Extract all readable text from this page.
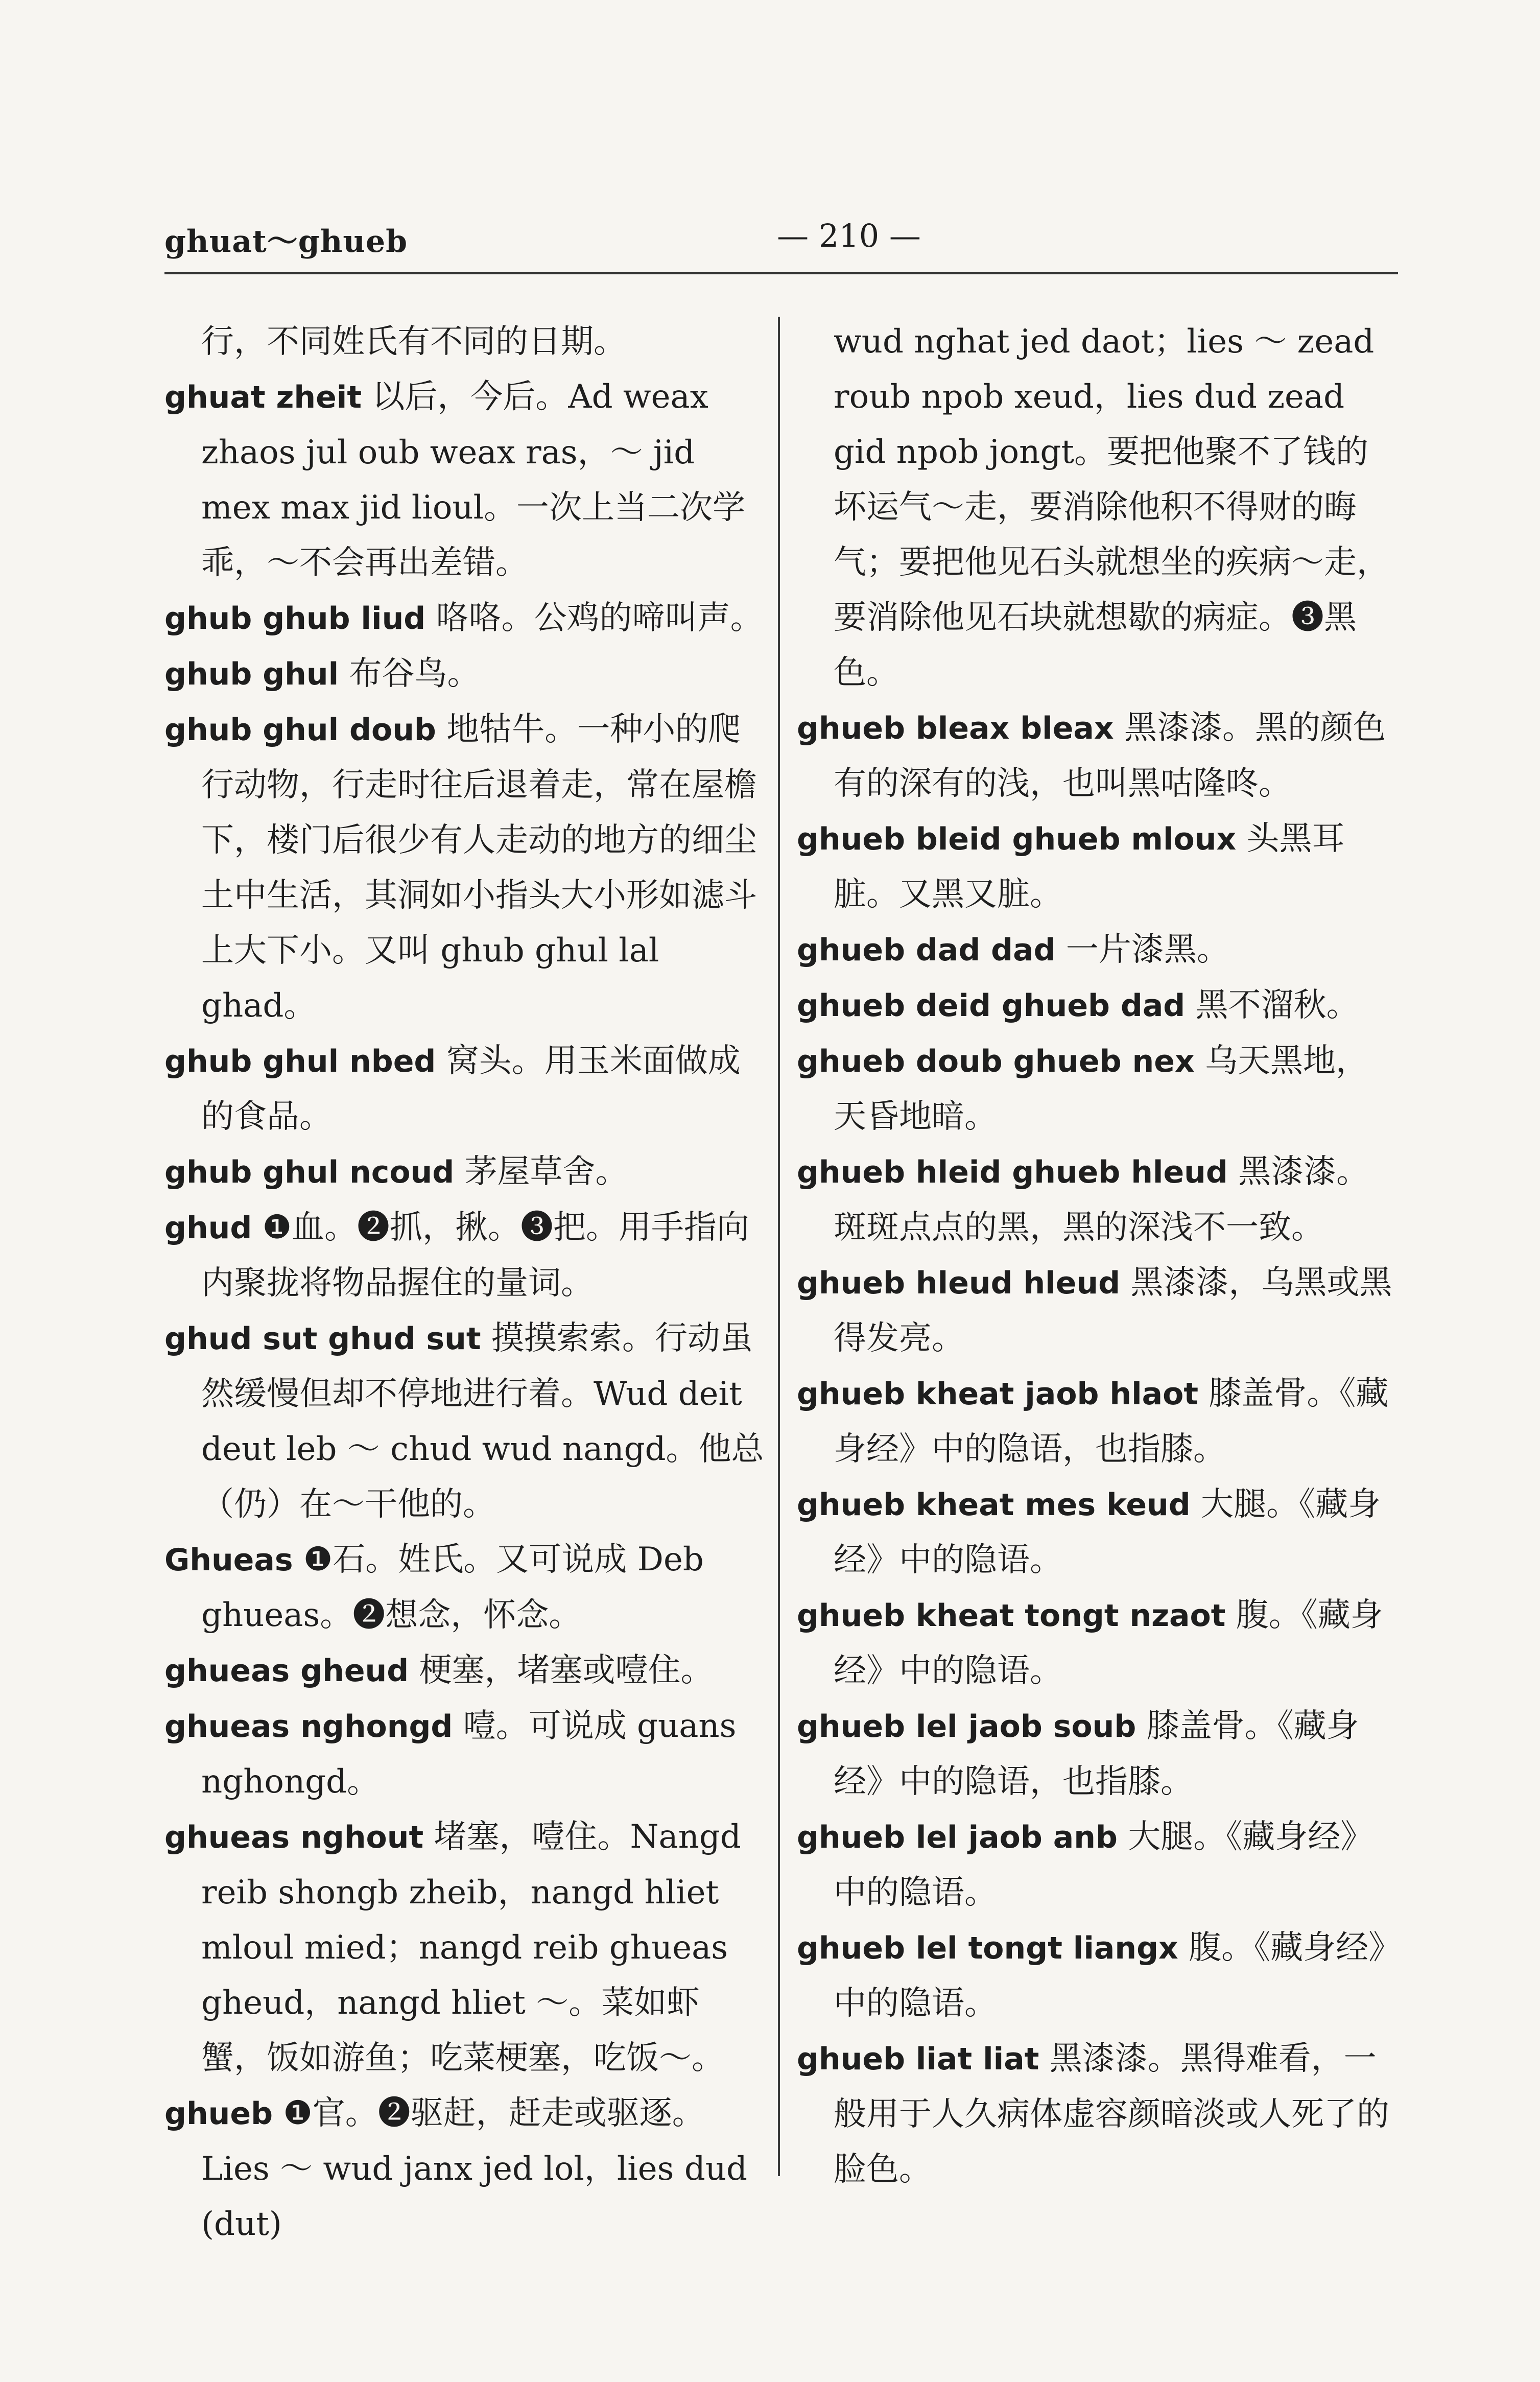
ghuat～ghueb	— 210 —

行，不同姓氏有不同的日期。

ghuat zheit 以后，今后。Ad weax zhaos jul oub weax ras，～ jid mex max jid lioul。一次上当二次学乖，～不会再出差错。

ghub ghub liud 咯咯。公鸡的啼叫声。

ghub ghul 布谷鸟。

ghub ghul doub 地牯牛。一种小的爬行动物，行走时往后退着走，常在屋檐下，楼门后很少有人走动的地方的细尘土中生活，其洞如小指头大小形如滤斗上大下小。又叫 ghub ghul lal ghad。

ghub ghul nbed 窝头。用玉米面做成的食品。

ghub ghul ncoud 茅屋草舍。

ghud ❶血。❷抓，揪。❸把。用手指向内聚拢将物品握住的量词。

ghud sut ghud sut 摸摸索索。行动虽然缓慢但却不停地进行着。Wud deit deut leb ～ chud wud nangd。他总（仍）在～干他的。

Ghueas ❶石。姓氏。又可说成 Deb ghueas。❷想念，怀念。

ghueas gheud 梗塞，堵塞或噎住。

ghueas nghongd 噎。可说成 guans nghongd。

ghueas nghout 堵塞，噎住。Nangd reib shongb zheib，nangd hliet mloul mied；nangd reib ghueas gheud，nangd hliet ～。菜如虾蟹，饭如游鱼；吃菜梗塞，吃饭～。

ghueb ❶官。❷驱赶，赶走或驱逐。Lies ～ wud janx jed lol，lies dud (dut)

wud nghat jed daot；lies ～ zead roub npob xeud，lies dud zead gid npob jongt。要把他聚不了钱的坏运气～走，要消除他积不得财的晦气；要把他见石头就想坐的疾病～走，要消除他见石块就想歇的病症。❸黑色。

ghueb bleax bleax 黑漆漆。黑的颜色有的深有的浅，也叫黑咕隆咚。

ghueb bleid ghueb mloux 头黑耳脏。又黑又脏。

ghueb dad dad 一片漆黑。

ghueb deid ghueb dad 黑不溜秋。

ghueb doub ghueb nex 乌天黑地，天昏地暗。

ghueb hleid ghueb hleud 黑漆漆。斑斑点点的黑，黑的深浅不一致。

ghueb hleud hleud 黑漆漆，乌黑或黑得发亮。

ghueb kheat jaob hlaot 膝盖骨。《藏身经》中的隐语，也指膝。

ghueb kheat mes keud 大腿。《藏身经》中的隐语。

ghueb kheat tongt nzaot 腹。《藏身经》中的隐语。

ghueb lel jaob soub 膝盖骨。《藏身经》中的隐语，也指膝。

ghueb lel jaob anb 大腿。《藏身经》中的隐语。

ghueb lel tongt liangx 腹。《藏身经》中的隐语。

ghueb liat liat 黑漆漆。黑得难看，一般用于人久病体虚容颜暗淡或人死了的脸色。
